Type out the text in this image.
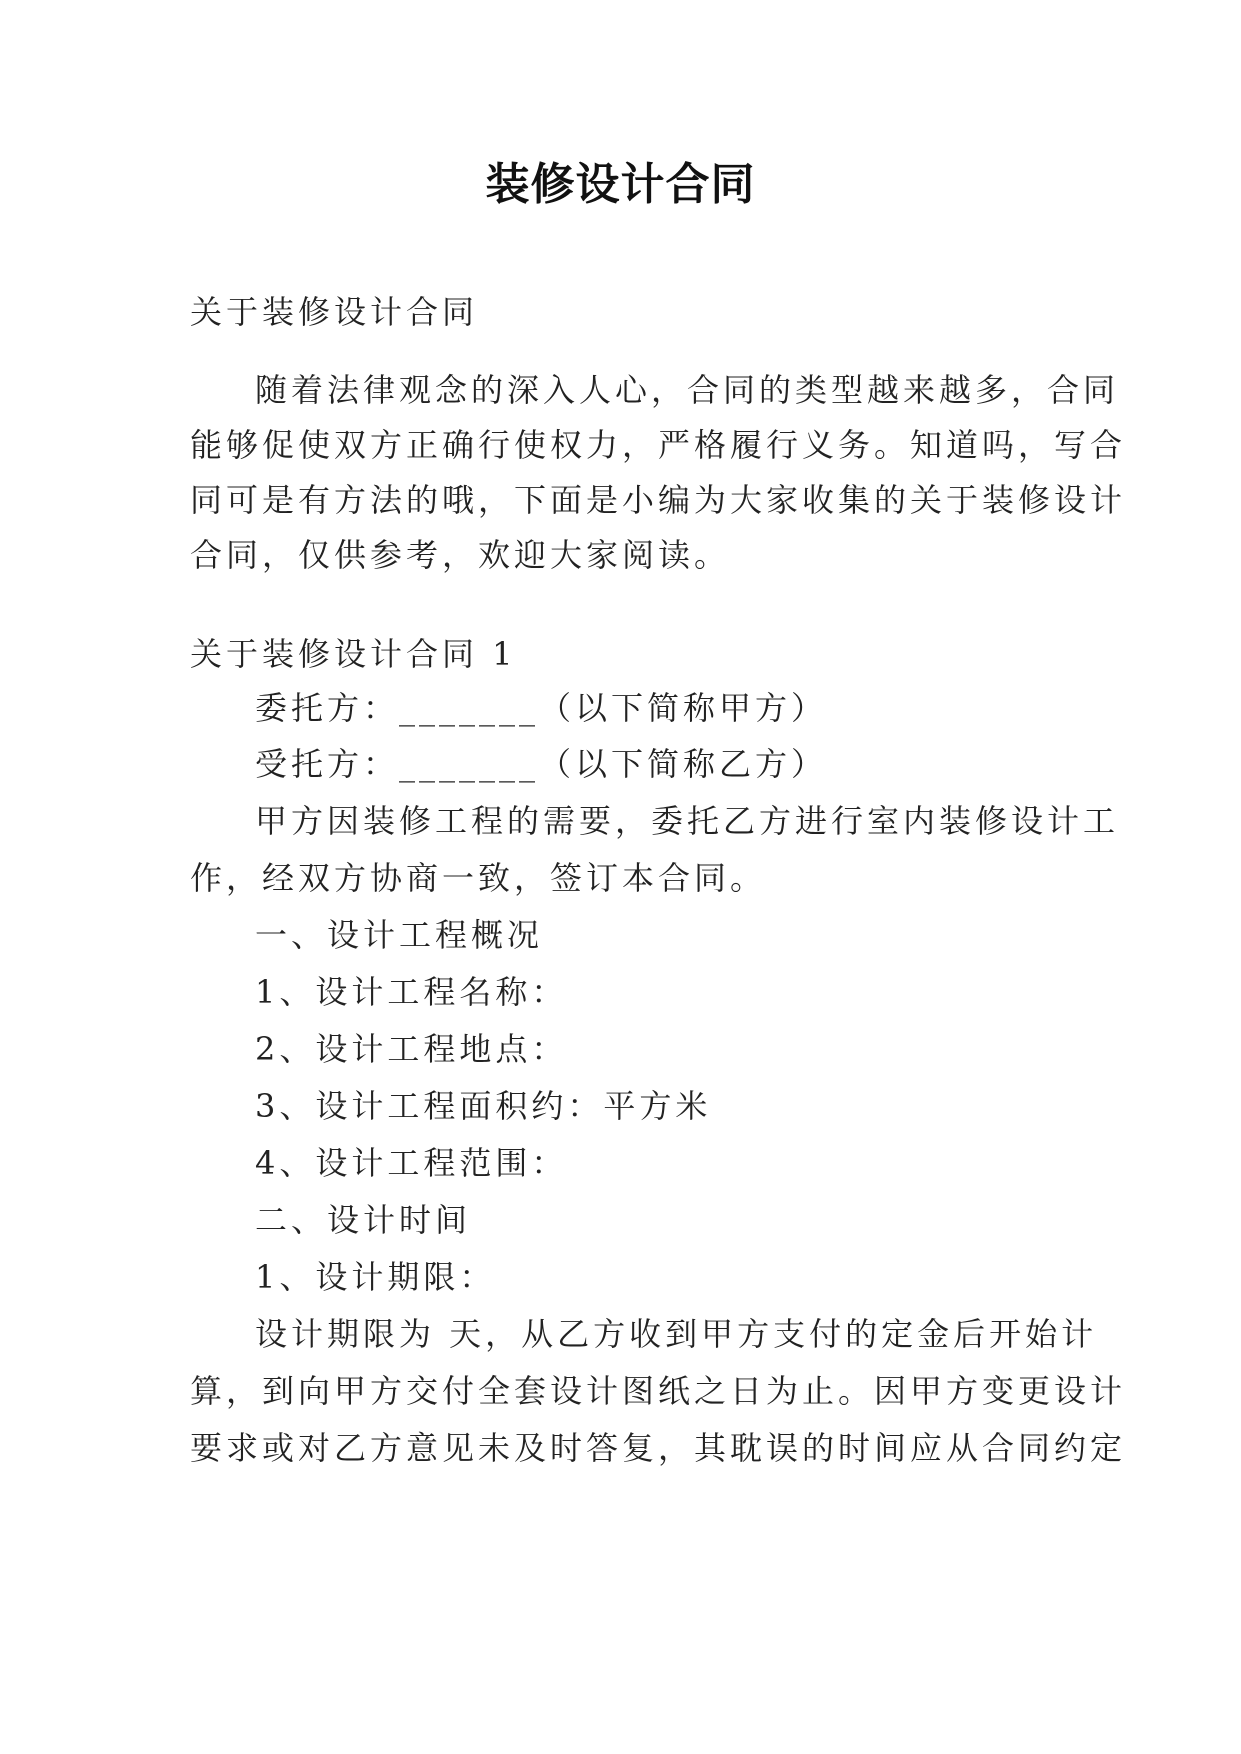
装修设计合同
关于装修设计合同
随着法律观念的深入人心，合同的类型越来越多，合同
能够促使双方正确行使权力，严格履行义务。知道吗，写合
同可是有方法的哦，下面是小编为大家收集的关于装修设计
合同，仅供参考，欢迎大家阅读。
关于装修设计合同 1
委托方：_______（以下简称甲方）
受托方：_______（以下简称乙方）
甲方因装修工程的需要，委托乙方进行室内装修设计工
作，经双方协商一致，签订本合同。
一、设计工程概况
1、设计工程名称：
2、设计工程地点：
3、设计工程面积约：平方米
4、设计工程范围：
二、设计时间
1、设计期限：
设计期限为 天，从乙方收到甲方支付的定金后开始计
算，到向甲方交付全套设计图纸之日为止。因甲方变更设计
要求或对乙方意见未及时答复，其耽误的时间应从合同约定
